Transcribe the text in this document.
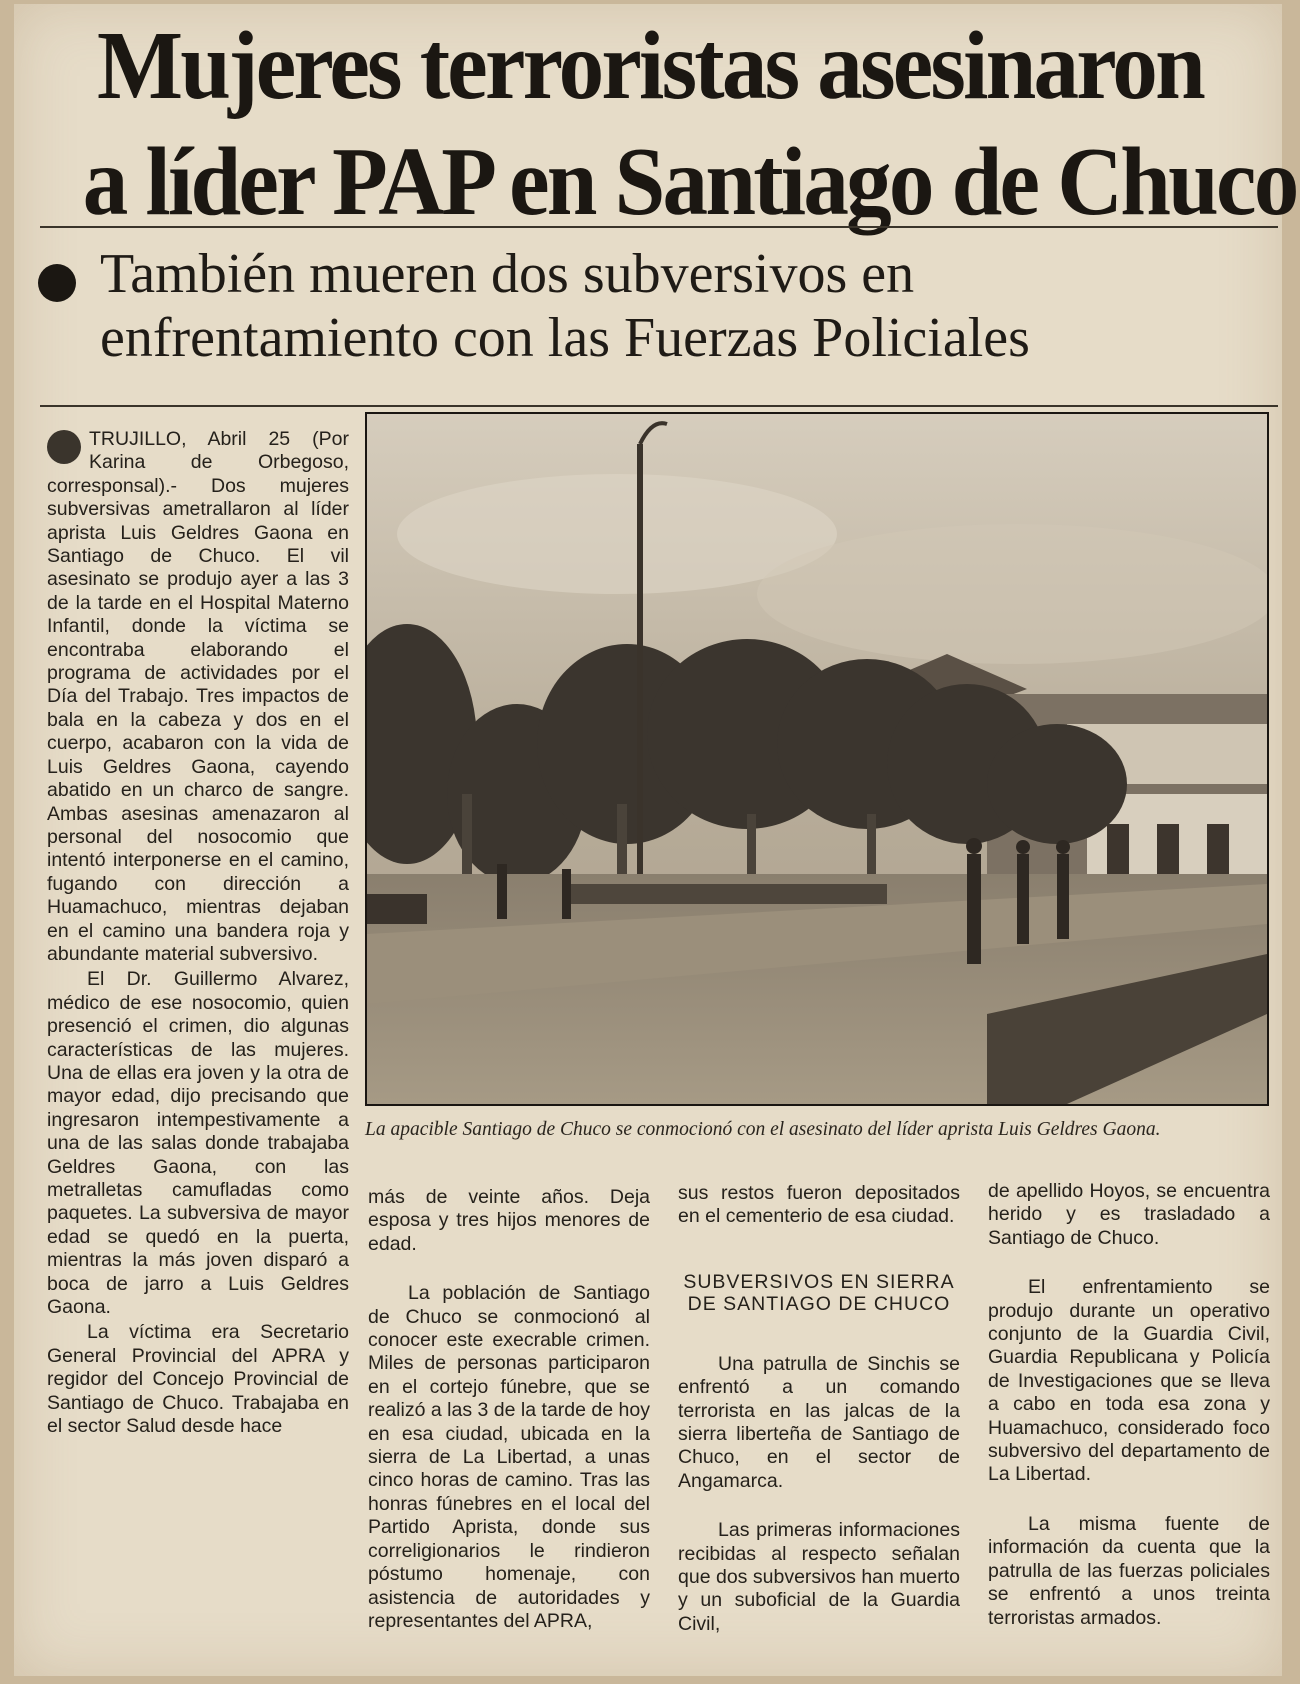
Mujeres terroristas asesinaron
a líder PAP en Santiago de Chuco
También mueren dos subversivos en
enfrentamiento con las Fuerzas Policiales

TRUJILLO, Abril 25 (Por Karina de Orbegoso, corresponsal).- Dos mujeres subversivas ametrallaron al líder aprista Luis Geldres Gaona en Santiago de Chuco. El vil asesinato se produjo ayer a las 3 de la tarde en el Hospital Materno Infantil, donde la víctima se encontraba elaborando el programa de actividades por el Día del Trabajo. Tres impactos de bala en la cabeza y dos en el cuerpo, acabaron con la vida de Luis Geldres Gaona, cayendo abatido en un charco de sangre. Ambas asesinas amenazaron al personal del nosocomio que intentó interponerse en el camino, fugando con dirección a Huamachuco, mientras dejaban en el camino una bandera roja y abundante material subversivo.

El Dr. Guillermo Alvarez, médico de ese nosocomio, quien presenció el crimen, dio algunas características de las mujeres. Una de ellas era joven y la otra de mayor edad, dijo precisando que ingresaron intempestivamente a una de las salas donde trabajaba Geldres Gaona, con las metralletas camufladas como paquetes. La subversiva de mayor edad se quedó en la puerta, mientras la más joven disparó a boca de jarro a Luis Geldres Gaona.

La víctima era Secretario General Provincial del APRA y regidor del Concejo Provincial de Santiago de Chuco. Trabajaba en el sector Salud desde hace

La apacible Santiago de Chuco se conmocionó con el asesinato del líder aprista Luis Geldres Gaona.

más de veinte años. Deja esposa y tres hijos menores de edad.

La población de Santiago de Chuco se conmocionó al conocer este execrable crimen. Miles de personas participaron en el cortejo fúnebre, que se realizó a las 3 de la tarde de hoy en esa ciudad, ubicada en la sierra de La Libertad, a unas cinco horas de camino. Tras las honras fúnebres en el local del Partido Aprista, donde sus correligionarios le rindieron póstumo homenaje, con asistencia de autoridades y representantes del APRA,

sus restos fueron depositados en el cementerio de esa ciudad.

SUBVERSIVOS EN SIERRA DE SANTIAGO DE CHUCO

Una patrulla de Sinchis se enfrentó a un comando terrorista en las jalcas de la sierra liberteña de Santiago de Chuco, en el sector de Angamarca.

Las primeras informaciones recibidas al respecto señalan que dos subversivos han muerto y un suboficial de la Guardia Civil,

de apellido Hoyos, se encuentra herido y es trasladado a Santiago de Chuco.

El enfrentamiento se produjo durante un operativo conjunto de la Guardia Civil, Guardia Republicana y Policía de Investigaciones que se lleva a cabo en toda esa zona y Huamachuco, considerado foco subversivo del departamento de La Libertad.

La misma fuente de información da cuenta que la patrulla de las fuerzas policiales se enfrentó a unos treinta terroristas armados.
